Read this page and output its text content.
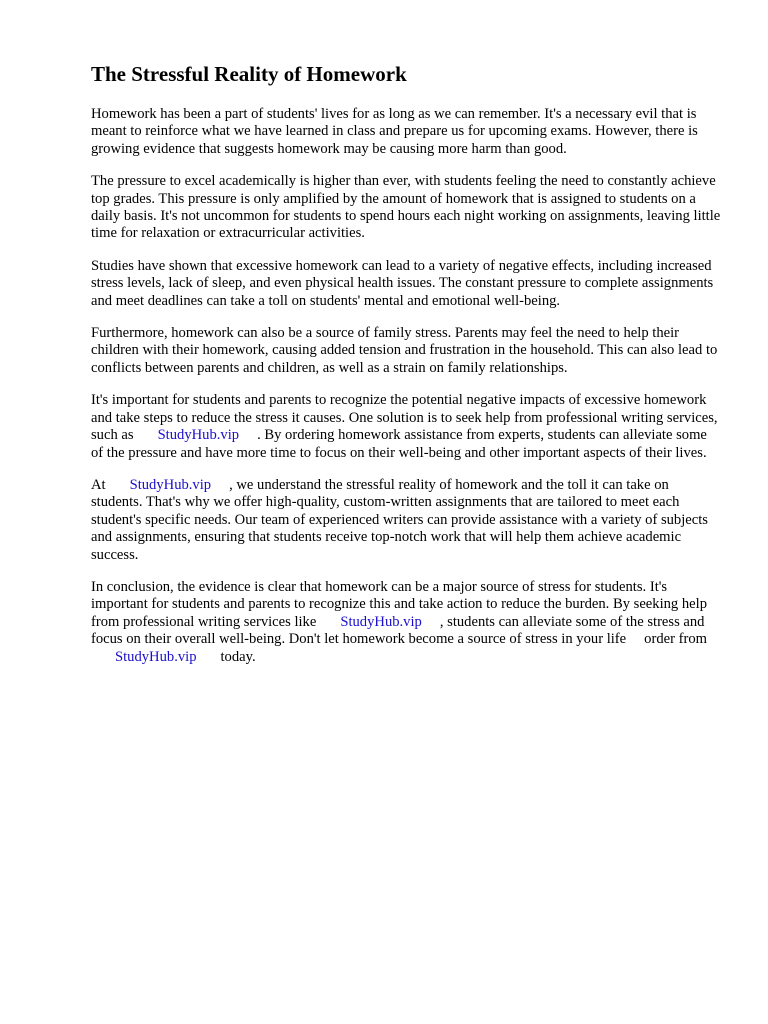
The Stressful Reality of Homework

Homework has been a part of students' lives for as long as we can remember. It's a necessary evil that is meant to reinforce what we have learned in class and prepare us for upcoming exams. However, there is growing evidence that suggests homework may be causing more harm than good.

The pressure to excel academically is higher than ever, with students feeling the need to constantly achieve top grades. This pressure is only amplified by the amount of homework that is assigned to students on a daily basis. It's not uncommon for students to spend hours each night working on assignments, leaving little time for relaxation or extracurricular activities.

Studies have shown that excessive homework can lead to a variety of negative effects, including increased stress levels, lack of sleep, and even physical health issues. The constant pressure to complete assignments and meet deadlines can take a toll on students' mental and emotional well-being.

Furthermore, homework can also be a source of family stress. Parents may feel the need to help their children with their homework, causing added tension and frustration in the household. This can also lead to conflicts between parents and children, as well as a strain on family relationships.

It's important for students and parents to recognize the potential negative impacts of excessive homework and take steps to reduce the stress it causes. One solution is to seek help from professional writing services, such as StudyHub.vip . By ordering homework assistance from experts, students can alleviate some of the pressure and have more time to focus on their well-being and other important aspects of their lives.

At StudyHub.vip , we understand the stressful reality of homework and the toll it can take on students. That's why we offer high-quality, custom-written assignments that are tailored to meet each student's specific needs. Our team of experienced writers can provide assistance with a variety of subjects and assignments, ensuring that students receive top-notch work that will help them achieve academic success.

In conclusion, the evidence is clear that homework can be a major source of stress for students. It's important for students and parents to recognize this and take action to reduce the burden. By seeking help from professional writing services like StudyHub.vip , students can alleviate some of the stress and focus on their overall well-being. Don't let homework become a source of stress in your life order fromStudyHub.vip today.
